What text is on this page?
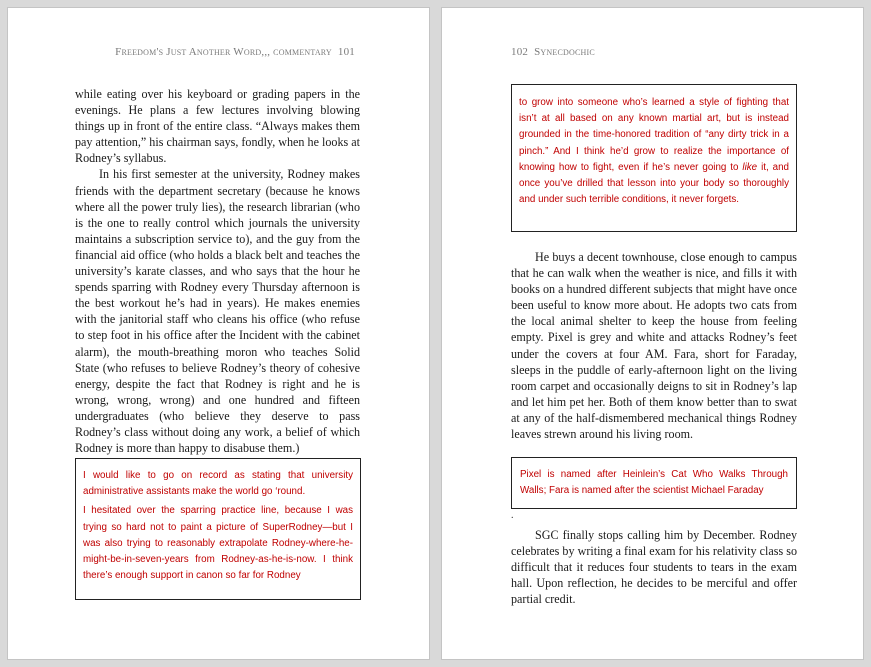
Freedom's Just Another Word,,, commentary 101

while eating over his keyboard or grading papers in the evenings. He plans a few lectures involving blowing things up in front of the entire class. “Always makes them pay attention,” his chairman says, fondly, when he looks at Rodney’s syllabus.

In his first semester at the university, Rodney makes friends with the department secretary (because he knows where all the power truly lies), the research librarian (who is the one to really control which journals the university maintains a subscription service to), and the guy from the financial aid office (who holds a black belt and teaches the university’s karate classes, and who says that the hour he spends sparring with Rodney every Thursday afternoon is the best workout he’s had in years). He makes enemies with the janitorial staff who cleans his office (who refuse to step foot in his office after the Incident with the cabinet alarm), the mouth-breathing moron who teaches Solid State (who refuses to believe Rodney’s theory of cohesive energy, despite the fact that Rodney is right and he is wrong, wrong, wrong) and one hundred and fifteen undergraduates (who believe they deserve to pass Rodney’s class without doing any work, a belief of which Rodney is more than happy to disabuse them.)

I would like to go on record as stating that university administrative assistants make the world go ‘round.

I hesitated over the sparring practice line, because I was trying so hard not to paint a picture of SuperRodney—but I was also trying to reasonably extrapolate Rodney-where-he-might-be-in-seven-years from Rodney-as-he-is-now. I think there’s enough support in canon so far for Rodney

102 Synecdochic

to grow into someone who’s learned a style of fighting that isn’t at all based on any known martial art, but is instead grounded in the time-honored tradition of “any dirty trick in a pinch.” And I think he’d grow to realize the importance of knowing how to fight, even if he’s never going to like it, and once you’ve drilled that lesson into your body so thoroughly and under such terrible conditions, it never forgets.

He buys a decent townhouse, close enough to campus that he can walk when the weather is nice, and fills it with books on a hundred different subjects that might have once been useful to know more about. He adopts two cats from the local animal shelter to keep the house from feeling empty. Pixel is grey and white and attacks Rodney’s feet under the covers at four AM. Fara, short for Faraday, sleeps in the puddle of early-afternoon light on the living room carpet and occasionally deigns to sit in Rodney’s lap and let him pet her. Both of them know better than to swat at any of the half-dismembered mechanical things Rodney leaves strewn around his living room.

Pixel is named after Heinlein’s Cat Who Walks Through Walls; Fara is named after the scientist Michael Faraday

.

SGC finally stops calling him by December. Rodney celebrates by writing a final exam for his relativity class so difficult that it reduces four students to tears in the exam hall. Upon reflection, he decides to be merciful and offer partial credit.
